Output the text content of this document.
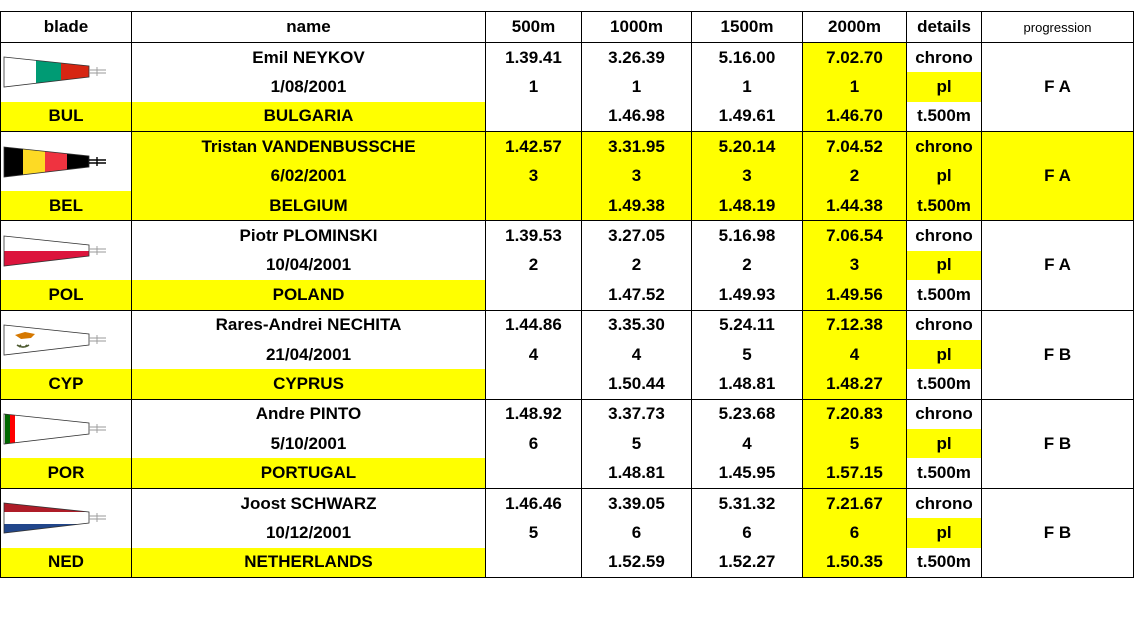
blade	name	500m	1000m	1500m	2000m	details	progression

	Emil NEYKOV	1.39.41	3.26.39	5.16.00	7.02.70	chrono	F A
	1/08/2001	1	1	1	1	pl	
BUL	BULGARIA		1.46.98	1.49.61	1.46.70	t.500m	

	Tristan VANDENBUSSCHE	1.42.57	3.31.95	5.20.14	7.04.52	chrono	F A
	6/02/2001	3	3	3	2	pl	
BEL	BELGIUM		1.49.38	1.48.19	1.44.38	t.500m	

	Piotr PLOMINSKI	1.39.53	3.27.05	5.16.98	7.06.54	chrono	F A
	10/04/2001	2	2	2	3	pl	
POL	POLAND		1.47.52	1.49.93	1.49.56	t.500m	

	Rares-Andrei NECHITA	1.44.86	3.35.30	5.24.11	7.12.38	chrono	F B
	21/04/2001	4	4	5	4	pl	
CYP	CYPRUS		1.50.44	1.48.81	1.48.27	t.500m	

	Andre PINTO	1.48.92	3.37.73	5.23.68	7.20.83	chrono	F B
	5/10/2001	6	5	4	5	pl	
POR	PORTUGAL		1.48.81	1.45.95	1.57.15	t.500m	

	Joost SCHWARZ	1.46.46	3.39.05	5.31.32	7.21.67	chrono	F B
	10/12/2001	5	6	6	6	pl	
NED	NETHERLANDS		1.52.59	1.52.27	1.50.35	t.500m	
